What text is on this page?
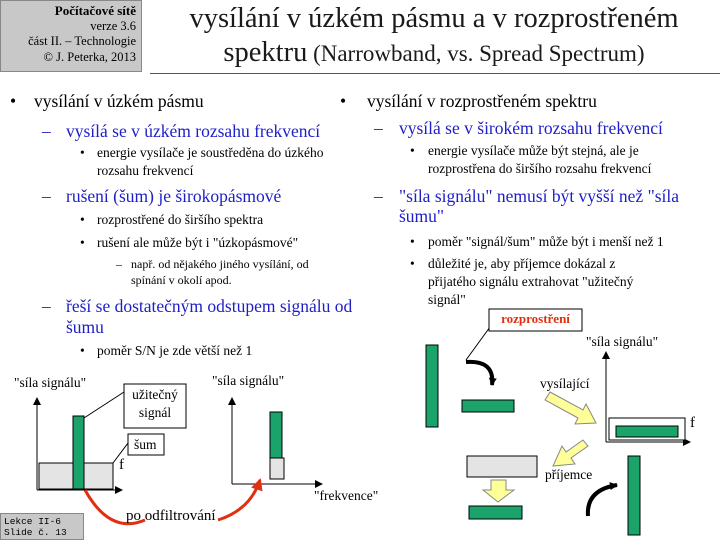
Počítačové sítě
verze 3.6
část II. – Technologie
© J. Peterka, 2013
vysílání v úzkém pásmu a v rozprostřeném
spektru (Narrowband, vs. Spread Spectrum)
• vysílání v úzkém pásmu
– vysílá se v úzkém rozsahu frekvencí
• energie vysílače je soustředěna do úzkého
rozsahu frekvencí
– rušení (šum) je širokopásmové
• rozprostřené do širšího spektra
• rušení ale může být i "úzkopásmové"
– např. od nějakého jiného vysílání, od
spínání v okolí apod.
– řeší se dostatečným odstupem signálu od
šumu
• poměr S/N je zde větší než 1
• vysílání v rozprostřeném spektru
– vysílá se v širokém rozsahu frekvencí
• energie vysílače může být stejná, ale je
rozprostřena do širšího rozsahu frekvencí
– "síla signálu" nemusí být vyšší než "síla
šumu"
• poměr "signál/šum" může být i menší než 1
• důležité je, aby příjemce dokázal z
přijatého signálu extrahovat "užitečný
signál"
"síla signálu"
užitečný
signál
šum
f
"síla signálu"
"frekvence"
po odfiltrování
rozprostření
"síla signálu"
vysílající
f
příjemce
Lekce II-6
Slide č. 13
